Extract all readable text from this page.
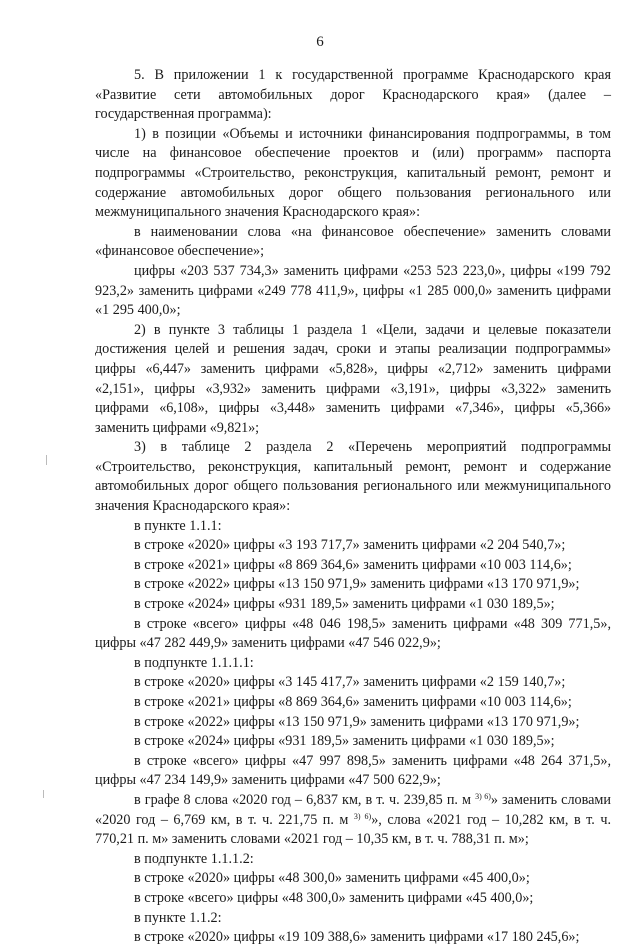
6

5. В приложении 1 к государственной программе Краснодарского края «Развитие сети автомобильных дорог Краснодарского края» (далее – государственная программа):

1) в позиции «Объемы и источники финансирования подпрограммы, в том числе на финансовое обеспечение проектов и (или) программ» паспорта подпрограммы «Строительство, реконструкция, капитальный ремонт, ремонт и содержание автомобильных дорог общего пользования регионального или межмуниципального значения Краснодарского края»:

в наименовании слова «на финансовое обеспечение» заменить словами «финансовое обеспечение»;

цифры «203 537 734,3» заменить цифрами «253 523 223,0», цифры «199 792 923,2» заменить цифрами «249 778 411,9», цифры «1 285 000,0» заменить цифрами «1 295 400,0»;

2) в пункте 3 таблицы 1 раздела 1 «Цели, задачи и целевые показатели достижения целей и решения задач, сроки и этапы реализации подпрограммы» цифры «6,447» заменить цифрами «5,828», цифры «2,712» заменить цифрами «2,151», цифры «3,932» заменить цифрами «3,191», цифры «3,322» заменить цифрами «6,108», цифры «3,448» заменить цифрами «7,346», цифры «5,366» заменить цифрами «9,821»;

3) в таблице 2 раздела 2 «Перечень мероприятий подпрограммы «Строительство, реконструкция, капитальный ремонт, ремонт и содержание автомобильных дорог общего пользования регионального или межмуниципального значения Краснодарского края»:

в пункте 1.1.1:

в строке «2020» цифры «3 193 717,7» заменить цифрами «2 204 540,7»;

в строке «2021» цифры «8 869 364,6» заменить цифрами «10 003 114,6»;

в строке «2022» цифры «13 150 971,9» заменить цифрами «13 170 971,9»;

в строке «2024» цифры «931 189,5» заменить цифрами «1 030 189,5»;

в строке «всего» цифры «48 046 198,5» заменить цифрами «48 309 771,5», цифры «47 282 449,9» заменить цифрами «47 546 022,9»;

в подпункте 1.1.1.1:

в строке «2020» цифры «3 145 417,7» заменить цифрами «2 159 140,7»;

в строке «2021» цифры «8 869 364,6» заменить цифрами «10 003 114,6»;

в строке «2022» цифры «13 150 971,9» заменить цифрами «13 170 971,9»;

в строке «2024» цифры «931 189,5» заменить цифрами «1 030 189,5»;

в строке «всего» цифры «47 997 898,5» заменить цифрами «48 264 371,5», цифры «47 234 149,9» заменить цифрами «47 500 622,9»;

в графе 8 слова «2020 год – 6,837 км, в т. ч. 239,85 п. м $^{3) 6)}$» заменить словами «2020 год – 6,769 км, в т. ч. 221,75 п. м $^{3) 6)}$», слова «2021 год – 10,282 км, в т. ч. 770,21 п. м» заменить словами «2021 год – 10,35 км, в т. ч. 788,31 п. м»;

в подпункте 1.1.1.2:

в строке «2020» цифры «48 300,0» заменить цифрами «45 400,0»;

в строке «всего» цифры «48 300,0» заменить цифрами «45 400,0»;

в пункте 1.1.2:

в строке «2020» цифры «19 109 388,6» заменить цифрами «17 180 245,6»;
